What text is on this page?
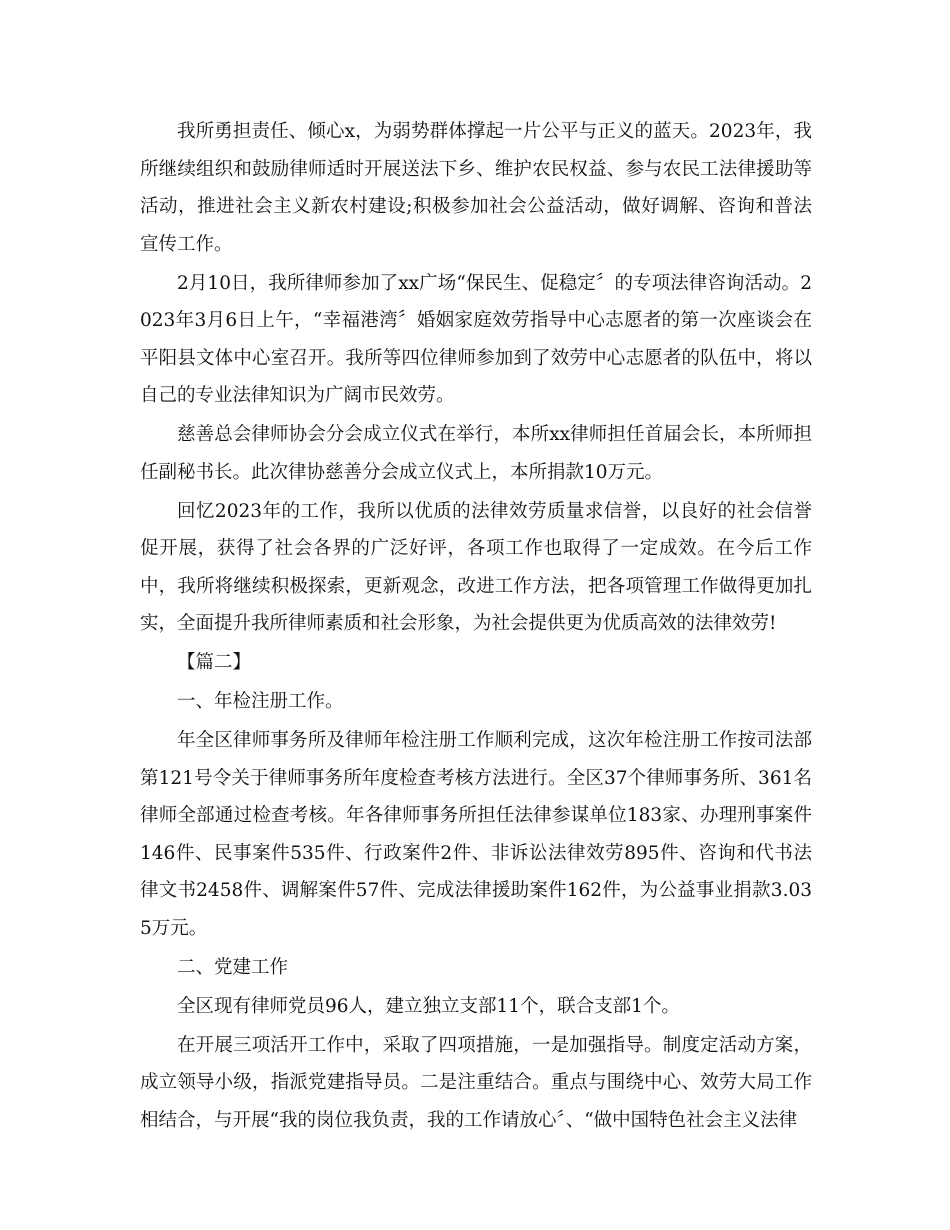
我所勇担责任、倾心x，为弱势群体撑起一片公平与正义的蓝天。2023年，我所继续组织和鼓励律师适时开展送法下乡、维护农民权益、参与农民工法律援助等活动，推进社会主义新农村建设;积极参加社会公益活动，做好调解、咨询和普法宣传工作。

2月10日，我所律师参加了xx广场“保民生、促稳定〞的专项法律咨询活动。2023年3月6日上午，“幸福港湾〞婚姻家庭效劳指导中心志愿者的第一次座谈会在平阳县文体中心室召开。我所等四位律师参加到了效劳中心志愿者的队伍中，将以自己的专业法律知识为广阔市民效劳。

慈善总会律师协会分会成立仪式在举行，本所xx律师担任首届会长，本所师担任副秘书长。此次律协慈善分会成立仪式上，本所捐款10万元。

回忆2023年的工作，我所以优质的法律效劳质量求信誉，以良好的社会信誉促开展，获得了社会各界的广泛好评，各项工作也取得了一定成效。在今后工作中，我所将继续积极探索，更新观念，改进工作方法，把各项管理工作做得更加扎实，全面提升我所律师素质和社会形象，为社会提供更为优质高效的法律效劳!

【篇二】

一、年检注册工作。

年全区律师事务所及律师年检注册工作顺利完成，这次年检注册工作按司法部第121号令关于律师事务所年度检查考核方法进行。全区37个律师事务所、361名律师全部通过检查考核。年各律师事务所担任法律参谋单位183家、办理刑事案件146件、民事案件535件、行政案件2件、非诉讼法律效劳895件、咨询和代书法律文书2458件、调解案件57件、完成法律援助案件162件，为公益事业捐款3.035万元。

二、党建工作

全区现有律师党员96人，建立独立支部11个，联合支部1个。

在开展三项活开工作中，采取了四项措施，一是加强指导。制度定活动方案，成立领导小级，指派党建指导员。二是注重结合。重点与围绕中心、效劳大局工作相结合，与开展“我的岗位我负责，我的工作请放心〞、“做中国特色社会主义法律
